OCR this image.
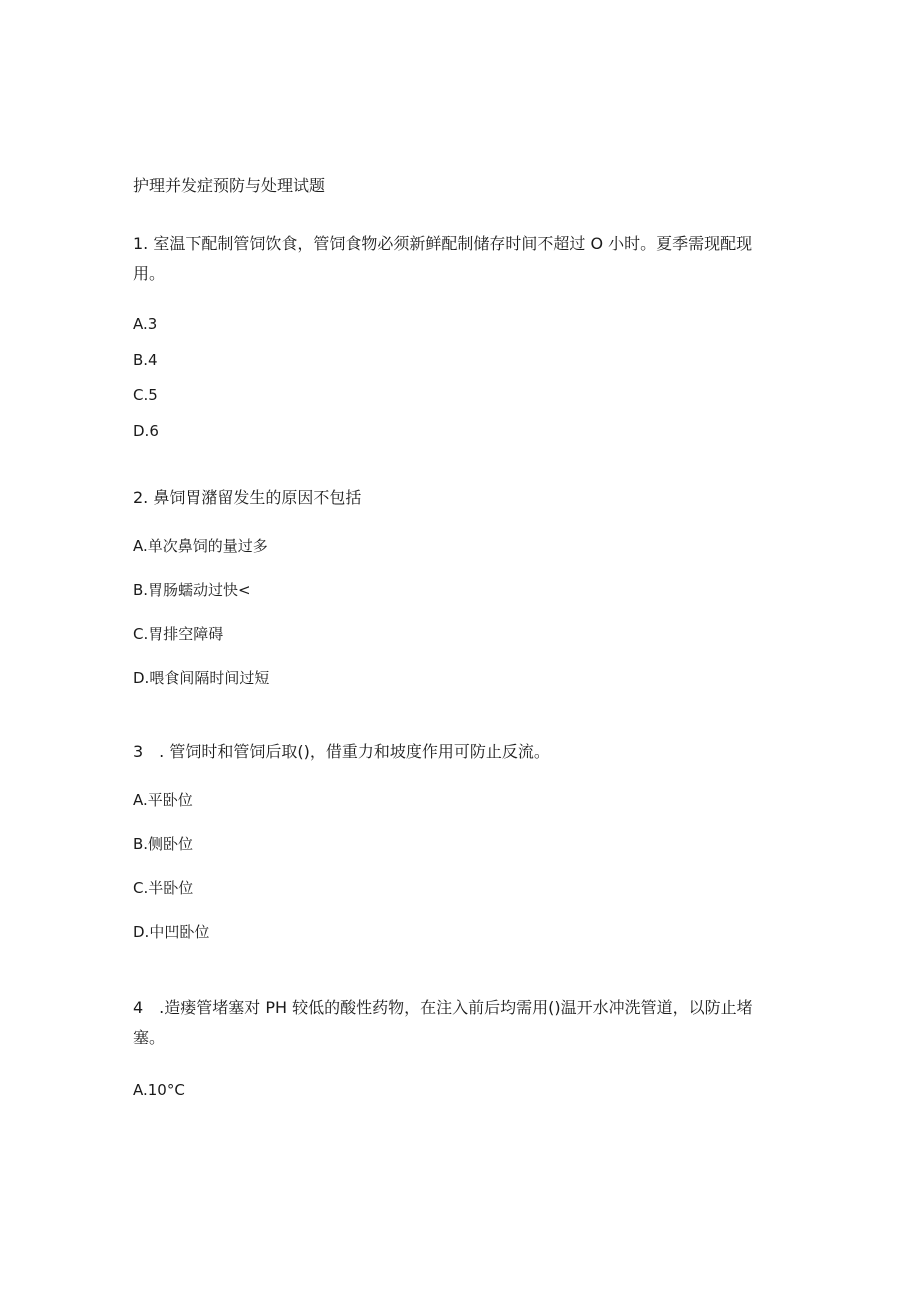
护理并发症预防与处理试题
1. 室温下配制管饲饮食，管饲食物必须新鲜配制储存时间不超过 O 小时。夏季需现配现用。
A.3
B.4
C.5
D.6
2. 鼻饲胃潴留发生的原因不包括
A.单次鼻饲的量过多
B.胃肠蠕动过快<
C.胃排空障碍
D.喂食间隔时间过短
3　. 管饲时和管饲后取()，借重力和坡度作用可防止反流。
A.平卧位
B.侧卧位
C.半卧位
D.中凹卧位
4　.造瘘管堵塞对 PH 较低的酸性药物，在注入前后均需用()温开水冲洗管道，以防止堵塞。
A.10°C
